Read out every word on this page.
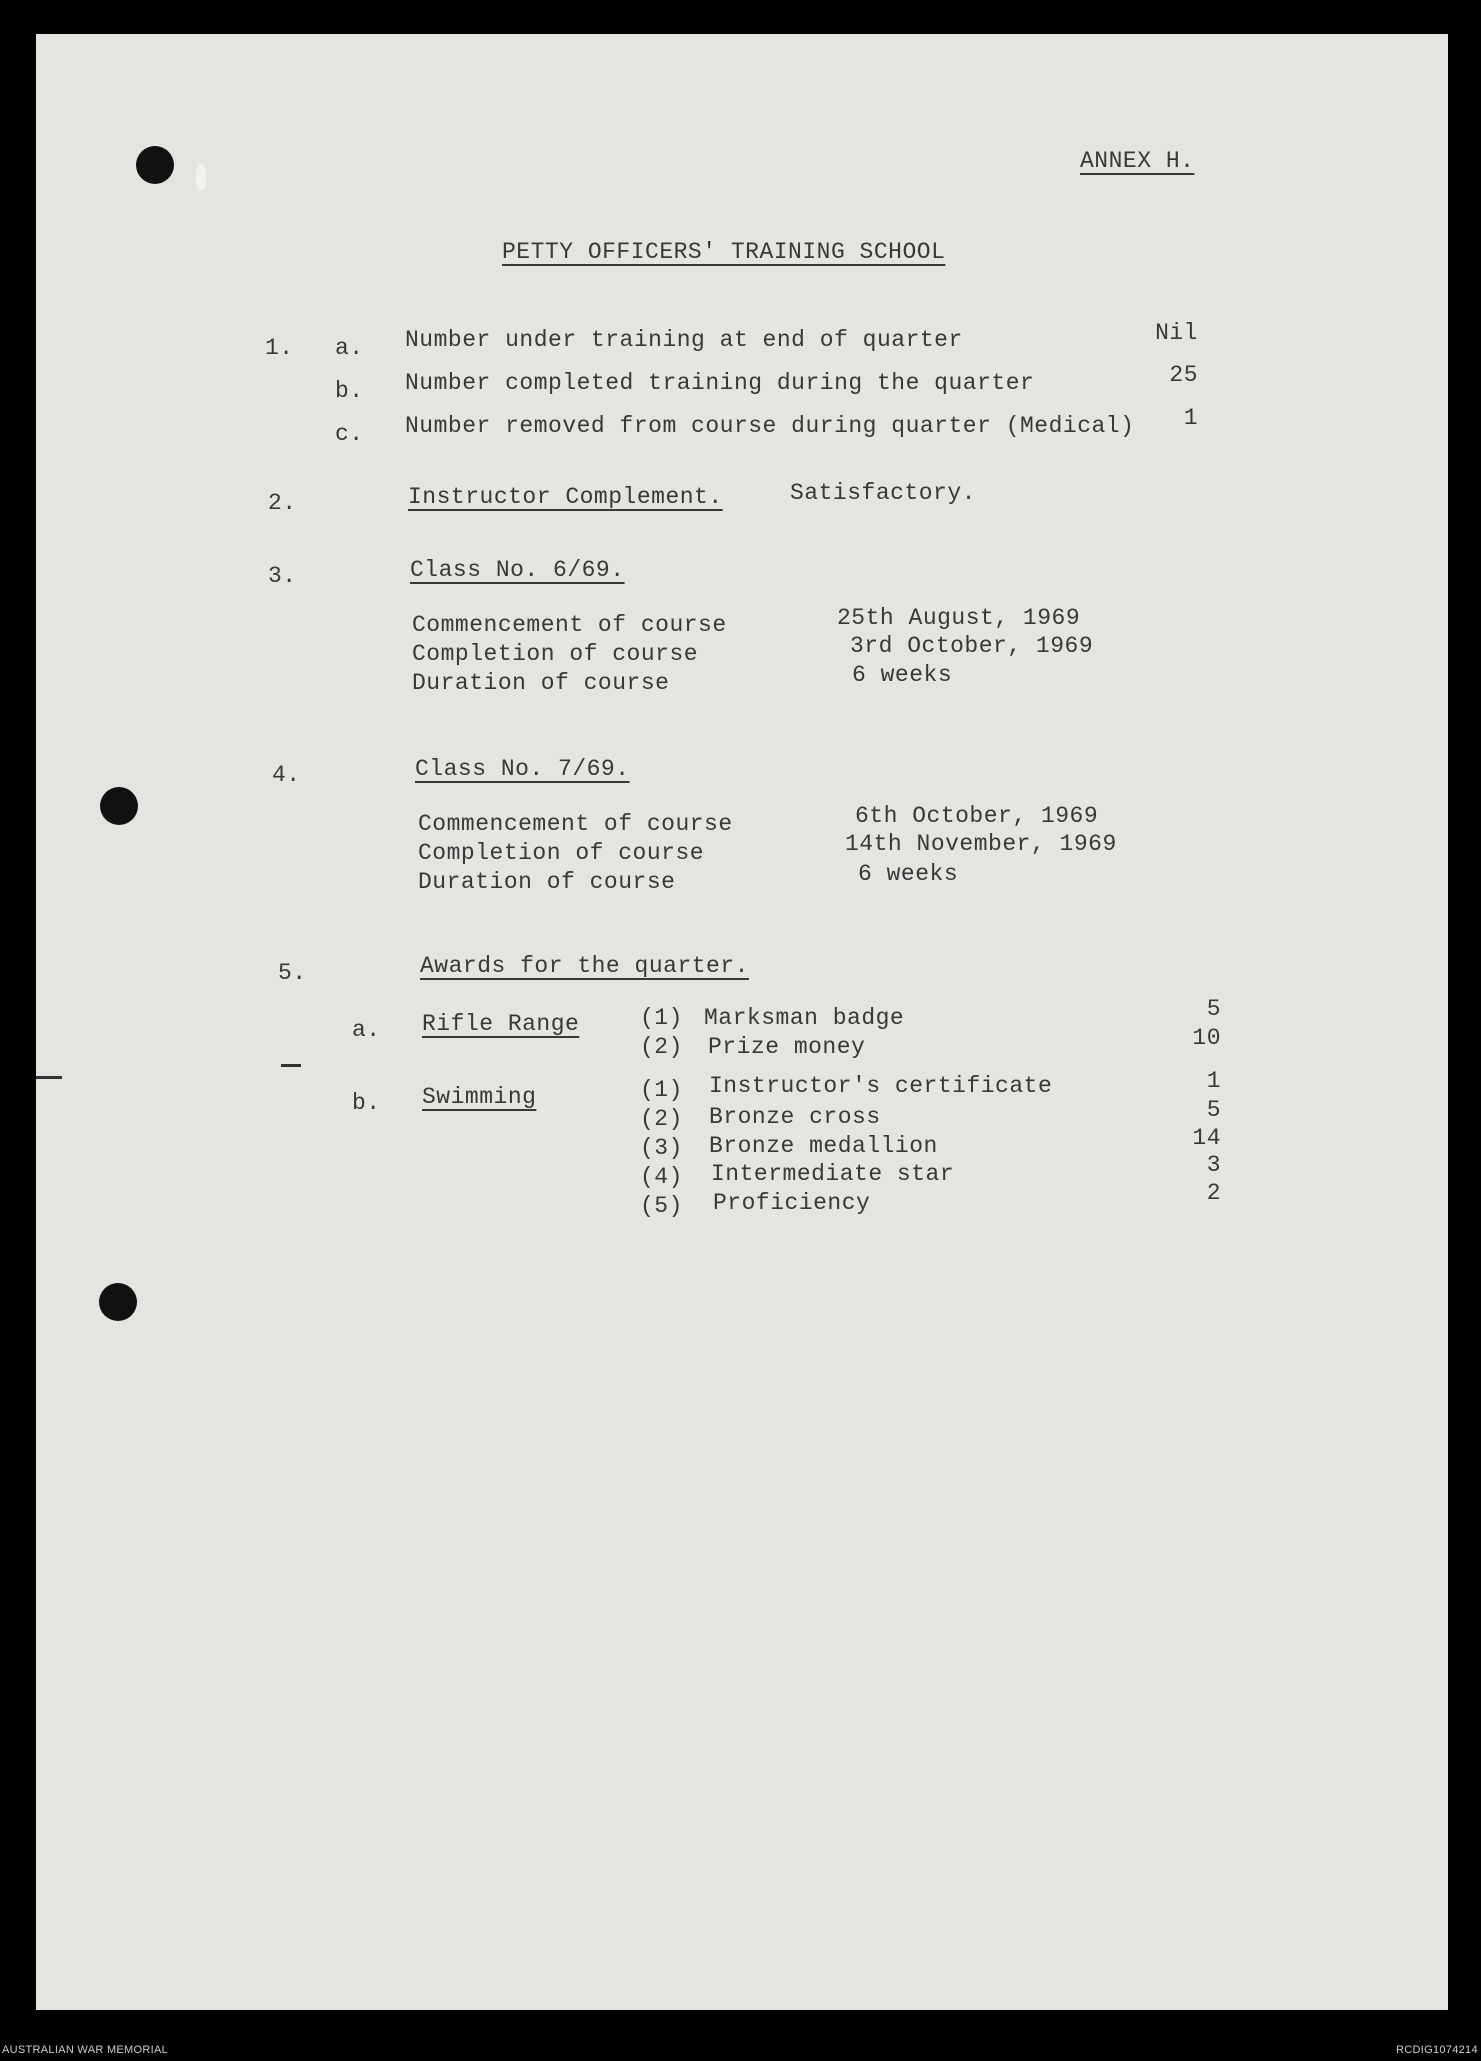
ANNEX H.
PETTY OFFICERS' TRAINING SCHOOL
1. a. Number under training at end of quarter	Nil
b. Number completed training during the quarter	25
c. Number removed from course during quarter (Medical)	1
2.	Instructor Complement.	Satisfactory.
3.	Class No. 6/69.
Commencement of course	25th August, 1969
Completion of course	3rd October, 1969
Duration of course	6 weeks
4.	Class No. 7/69.
Commencement of course	6th October, 1969
Completion of course	14th November, 1969
Duration of course	6 weeks
5.	Awards for the quarter.
a. Rifle Range	(1) Marksman badge	5
(2) Prize money	10
b. Swimming	(1) Instructor's certificate	1
(2) Bronze cross	5
(3) Bronze medallion	14
(4) Intermediate star	3
(5) Proficiency	2
AUSTRALIAN WAR MEMORIAL	RCDIG1074214
